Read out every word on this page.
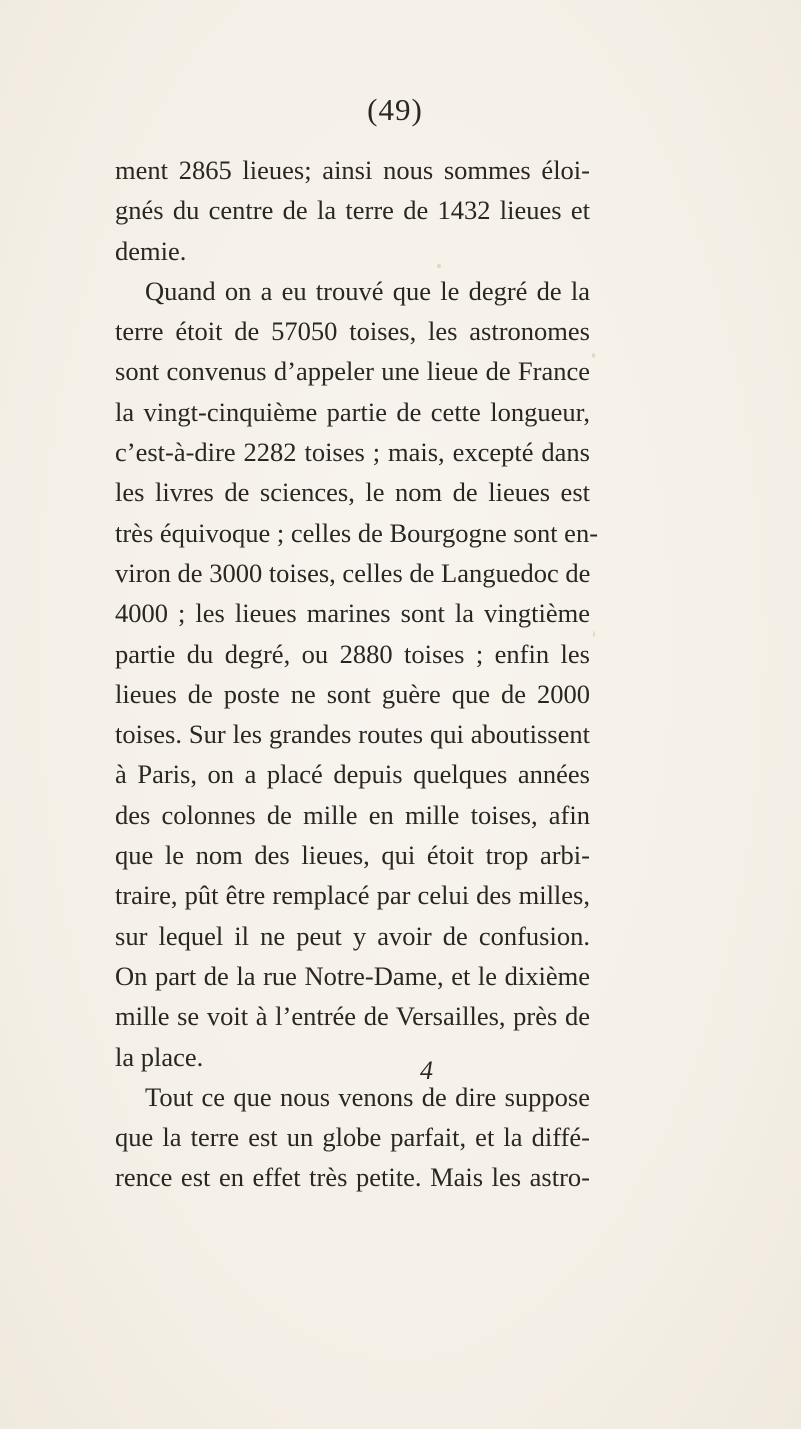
(49)
ment 2865 lieues; ainsi nous sommes éloi-
gnés du centre de la terre de 1432 lieues et
demie.
Quand on a eu trouvé que le degré de la
terre étoit de 57050 toises, les astronomes
sont convenus d’appeler une lieue de France
la vingt-cinquième partie de cette longueur,
c’est-à-dire 2282 toises ; mais, excepté dans
les livres de sciences, le nom de lieues est
très équivoque ; celles de Bourgogne sont en-
viron de 3000 toises, celles de Languedoc de
4000 ; les lieues marines sont la vingtième
partie du degré, ou 2880 toises ; enfin les
lieues de poste ne sont guère que de 2000
toises. Sur les grandes routes qui aboutissent
à Paris, on a placé depuis quelques années
des colonnes de mille en mille toises, afin
que le nom des lieues, qui étoit trop arbi-
traire, pût être remplacé par celui des milles,
sur lequel il ne peut y avoir de confusion.
On part de la rue Notre-Dame, et le dixième
mille se voit à l’entrée de Versailles, près de
la place.
Tout ce que nous venons de dire suppose
que la terre est un globe parfait, et la diffé-
rence est en effet très petite. Mais les astro-
4
